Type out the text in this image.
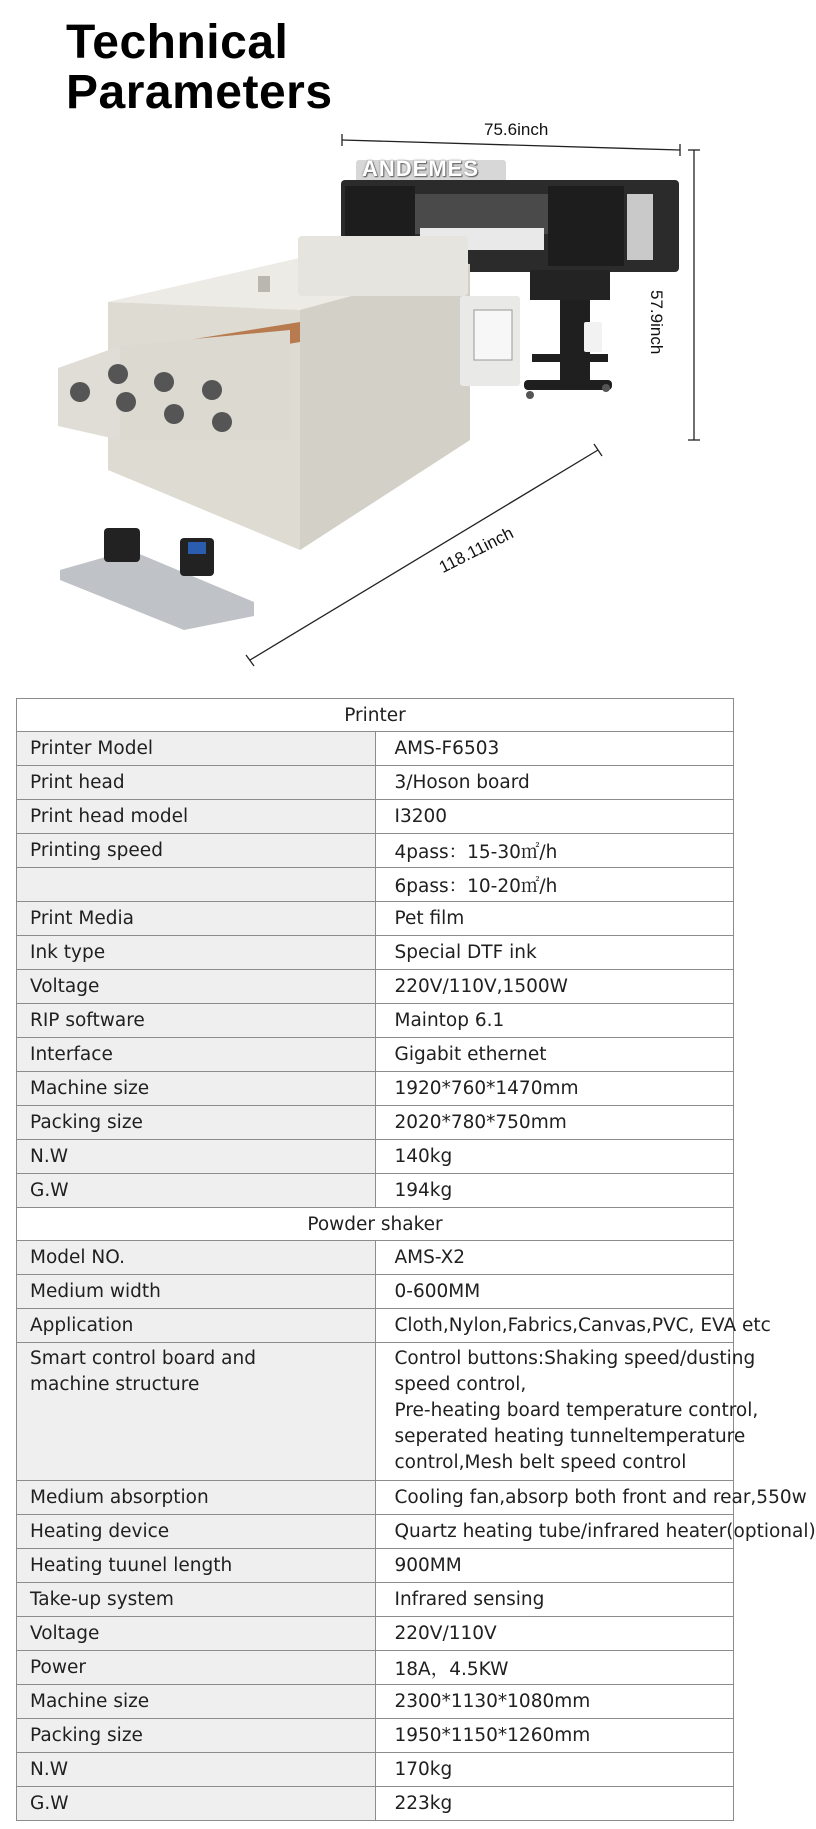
Technical
Parameters
ANDEMES
75.6inch
57.9inch
118.11inch
Printer	
Printer Model	AMS-F6503
Print head	3/Hoson board
Print head model	I3200
Printing speed	4pass：15-30㎡/h
	6pass：10-20㎡/h
Print Media	Pet film
Ink type	Special DTF ink
Voltage	220V/110V,1500W
RIP software	Maintop 6.1
Interface	Gigabit ethernet
Machine size	1920*760*1470mm
Packing size	2020*780*750mm
N.W	140kg
G.W	194kg
Powder shaker	
Model NO.	AMS-X2
Medium width	0-600MM
Application	Cloth,Nylon,Fabrics,Canvas,PVC, EVA etc

Smart control board and
machine structure	Control buttons:Shaking speed/dusting
speed control,
Pre-heating board temperature control,
seperated heating tunneltemperature
control,Mesh belt speed control

Medium absorption	Cooling fan,absorp both front and rear,550w
Heating device	Quartz heating tube/infrared heater(optional)
Heating tuunel length	900MM
Take-up system	Infrared sensing
Voltage	220V/110V
Power	18A，4.5KW
Machine size	2300*1130*1080mm
Packing size	1950*1150*1260mm
N.W	170kg
G.W	223kg
